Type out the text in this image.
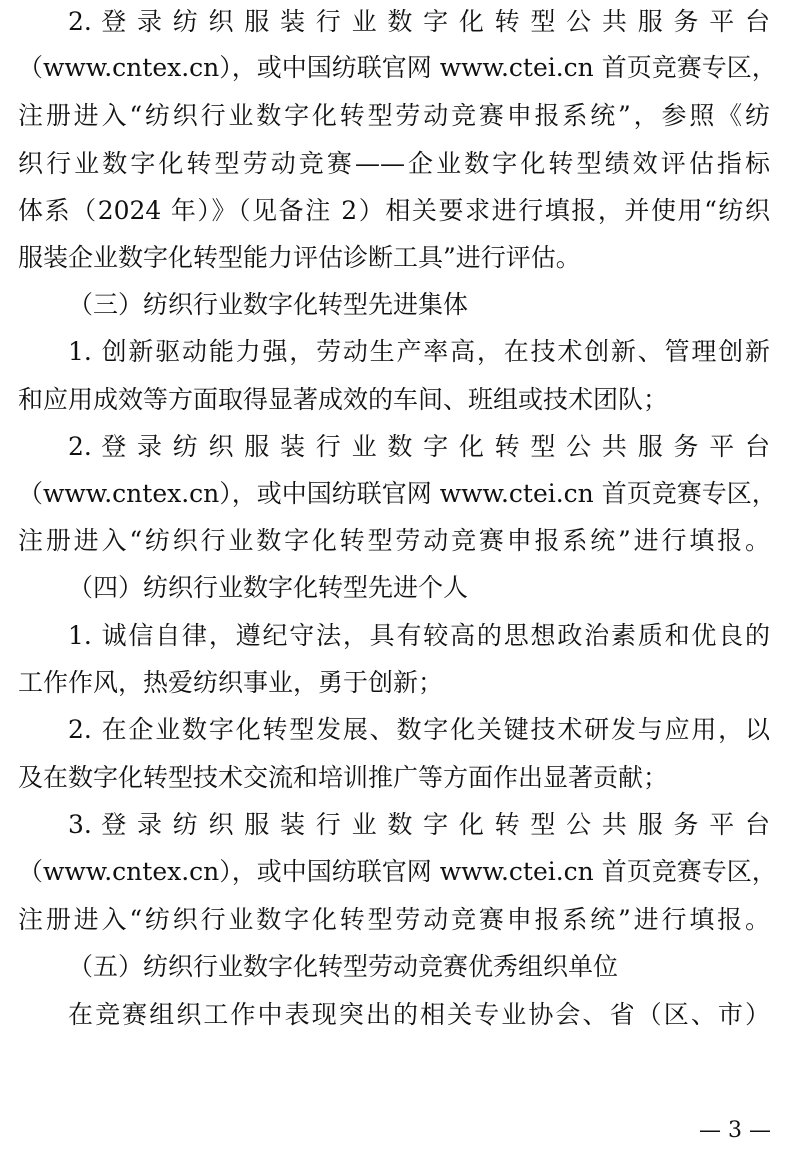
2. 登 录 纺 织 服 装 行 业 数 字 化 转 型 公 共 服 务 平 台
（www.cntex.cn），或中国纺联官网 www.ctei.cn 首页竞赛专区，
注册进入“纺织行业数字化转型劳动竞赛申报系统”，参照《纺
织行业数字化转型劳动竞赛——企业数字化转型绩效评估指标
体系（2024 年）》（见备注 2）相关要求进行填报，并使用“纺织
服装企业数字化转型能力评估诊断工具”进行评估。
（三）纺织行业数字化转型先进集体
1. 创新驱动能力强，劳动生产率高，在技术创新、管理创新
和应用成效等方面取得显著成效的车间、班组或技术团队；
2. 登 录 纺 织 服 装 行 业 数 字 化 转 型 公 共 服 务 平 台
（www.cntex.cn），或中国纺联官网 www.ctei.cn 首页竞赛专区，
注册进入“纺织行业数字化转型劳动竞赛申报系统”进行填报。
（四）纺织行业数字化转型先进个人
1. 诚信自律，遵纪守法，具有较高的思想政治素质和优良的
工作作风，热爱纺织事业，勇于创新；
2. 在企业数字化转型发展、数字化关键技术研发与应用，以
及在数字化转型技术交流和培训推广等方面作出显著贡献；
3. 登 录 纺 织 服 装 行 业 数 字 化 转 型 公 共 服 务 平 台
（www.cntex.cn），或中国纺联官网 www.ctei.cn 首页竞赛专区，
注册进入“纺织行业数字化转型劳动竞赛申报系统”进行填报。
（五）纺织行业数字化转型劳动竞赛优秀组织单位
在竞赛组织工作中表现突出的相关专业协会、省（区、市）
— 3 —
